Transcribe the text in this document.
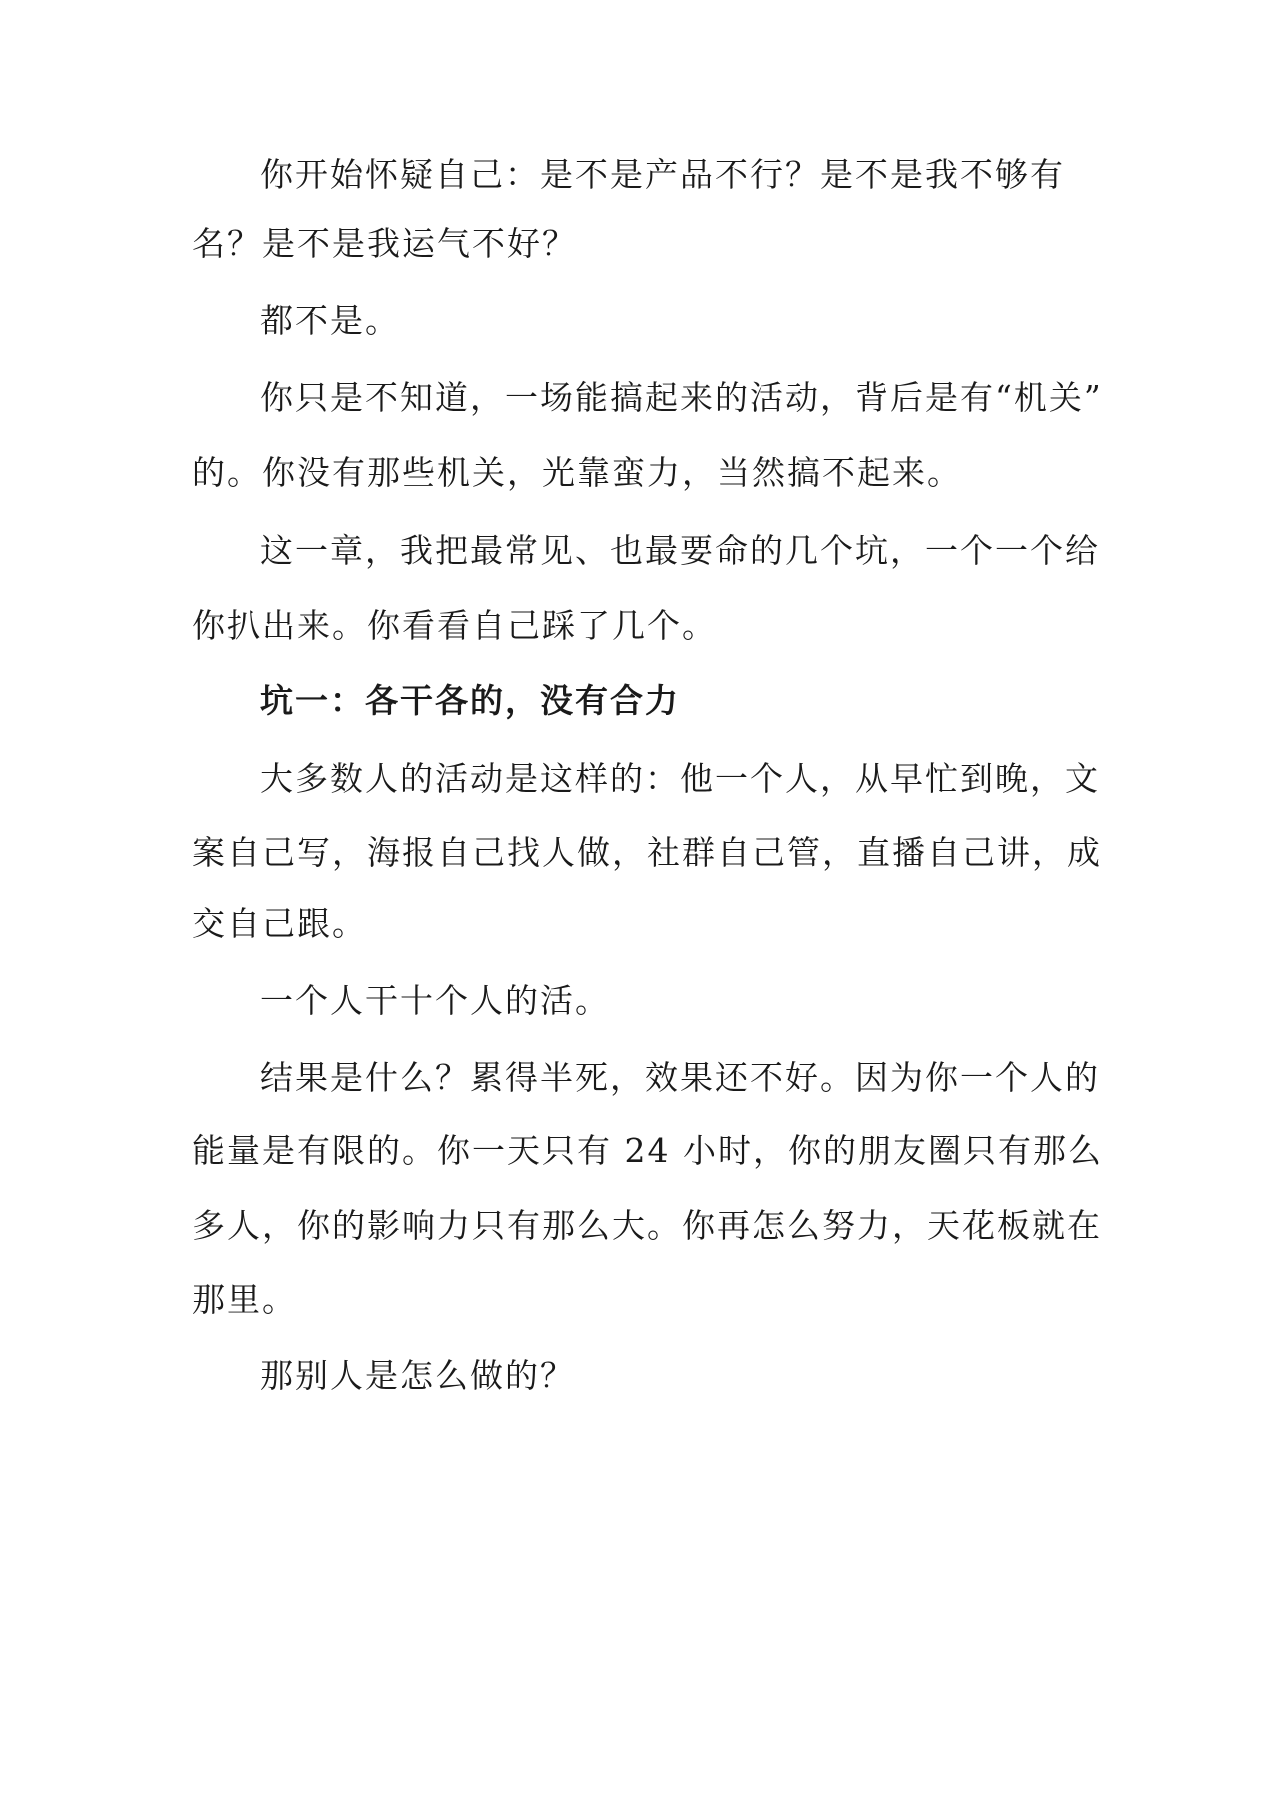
你开始怀疑自己：是不是产品不行？是不是我不够有
名？是不是我运气不好？
都不是。
你只是不知道，一场能搞起来的活动，背后是有“机关”
的。你没有那些机关，光靠蛮力，当然搞不起来。
这一章，我把最常见、也最要命的几个坑，一个一个给
你扒出来。你看看自己踩了几个。
坑一：各干各的，没有合力
大多数人的活动是这样的：他一个人，从早忙到晚，文
案自己写，海报自己找人做，社群自己管，直播自己讲，成
交自己跟。
一个人干十个人的活。
结果是什么？累得半死，效果还不好。因为你一个人的
能量是有限的。你一天只有 24 小时，你的朋友圈只有那么
多人，你的影响力只有那么大。你再怎么努力，天花板就在
那里。
那别人是怎么做的？
